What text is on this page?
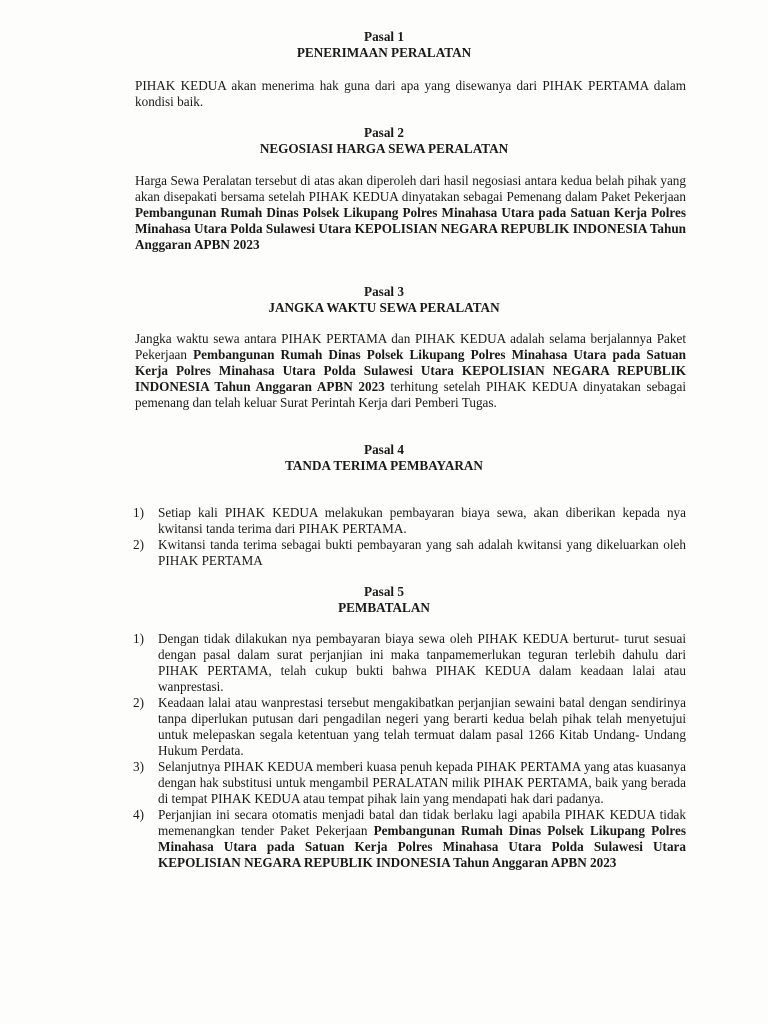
Pasal 1
PENERIMAAN PERALATAN
PIHAK KEDUA akan menerima hak guna dari apa yang disewanya dari PIHAK PERTAMA dalam kondisi baik.
Pasal 2
NEGOSIASI HARGA SEWA PERALATAN
Harga Sewa Peralatan tersebut di atas akan diperoleh dari hasil negosiasi antara kedua belah pihak yang akan disepakati bersama setelah PIHAK KEDUA dinyatakan sebagai Pemenang dalam Paket Pekerjaan Pembangunan Rumah Dinas Polsek Likupang Polres Minahasa Utara pada Satuan Kerja Polres Minahasa Utara Polda Sulawesi Utara KEPOLISIAN NEGARA REPUBLIK INDONESIA Tahun Anggaran APBN 2023
Pasal 3
JANGKA WAKTU SEWA PERALATAN
Jangka waktu sewa antara PIHAK PERTAMA dan PIHAK KEDUA adalah selama berjalannya Paket Pekerjaan Pembangunan Rumah Dinas Polsek Likupang Polres Minahasa Utara pada Satuan Kerja Polres Minahasa Utara Polda Sulawesi Utara KEPOLISIAN NEGARA REPUBLIK INDONESIA Tahun Anggaran APBN 2023 terhitung setelah PIHAK KEDUA dinyatakan sebagai pemenang dan telah keluar Surat Perintah Kerja dari Pemberi Tugas.
Pasal 4
TANDA TERIMA PEMBAYARAN
1)	Setiap kali PIHAK KEDUA melakukan pembayaran biaya sewa, akan diberikan kepada nya kwitansi tanda terima dari PIHAK PERTAMA.
2)	Kwitansi tanda terima sebagai bukti pembayaran yang sah adalah kwitansi yang dikeluarkan oleh PIHAK PERTAMA
Pasal 5
PEMBATALAN
1)	Dengan tidak dilakukan nya pembayaran biaya sewa oleh PIHAK KEDUA berturut- turut sesuai dengan pasal dalam surat perjanjian ini maka tanpamemerlukan teguran terlebih dahulu dari PIHAK PERTAMA, telah cukup bukti bahwa PIHAK KEDUA dalam keadaan lalai atau wanprestasi.
2)	Keadaan lalai atau wanprestasi tersebut mengakibatkan perjanjian sewaini batal dengan sendirinya tanpa diperlukan putusan dari pengadilan negeri yang berarti kedua belah pihak telah menyetujui untuk melepaskan segala ketentuan yang telah termuat dalam pasal 1266 Kitab Undang- Undang Hukum Perdata.
3)	Selanjutnya PIHAK KEDUA memberi kuasa penuh kepada PIHAK PERTAMA yang atas kuasanya dengan hak substitusi untuk mengambil PERALATAN milik PIHAK PERTAMA, baik yang berada di tempat PIHAK KEDUA atau tempat pihak lain yang mendapati hak dari padanya.
4)	Perjanjian ini secara otomatis menjadi batal dan tidak berlaku lagi apabila PIHAK KEDUA tidak memenangkan tender Paket Pekerjaan Pembangunan Rumah Dinas Polsek Likupang Polres Minahasa Utara pada Satuan Kerja Polres Minahasa Utara Polda Sulawesi Utara KEPOLISIAN NEGARA REPUBLIK INDONESIA Tahun Anggaran APBN 2023
